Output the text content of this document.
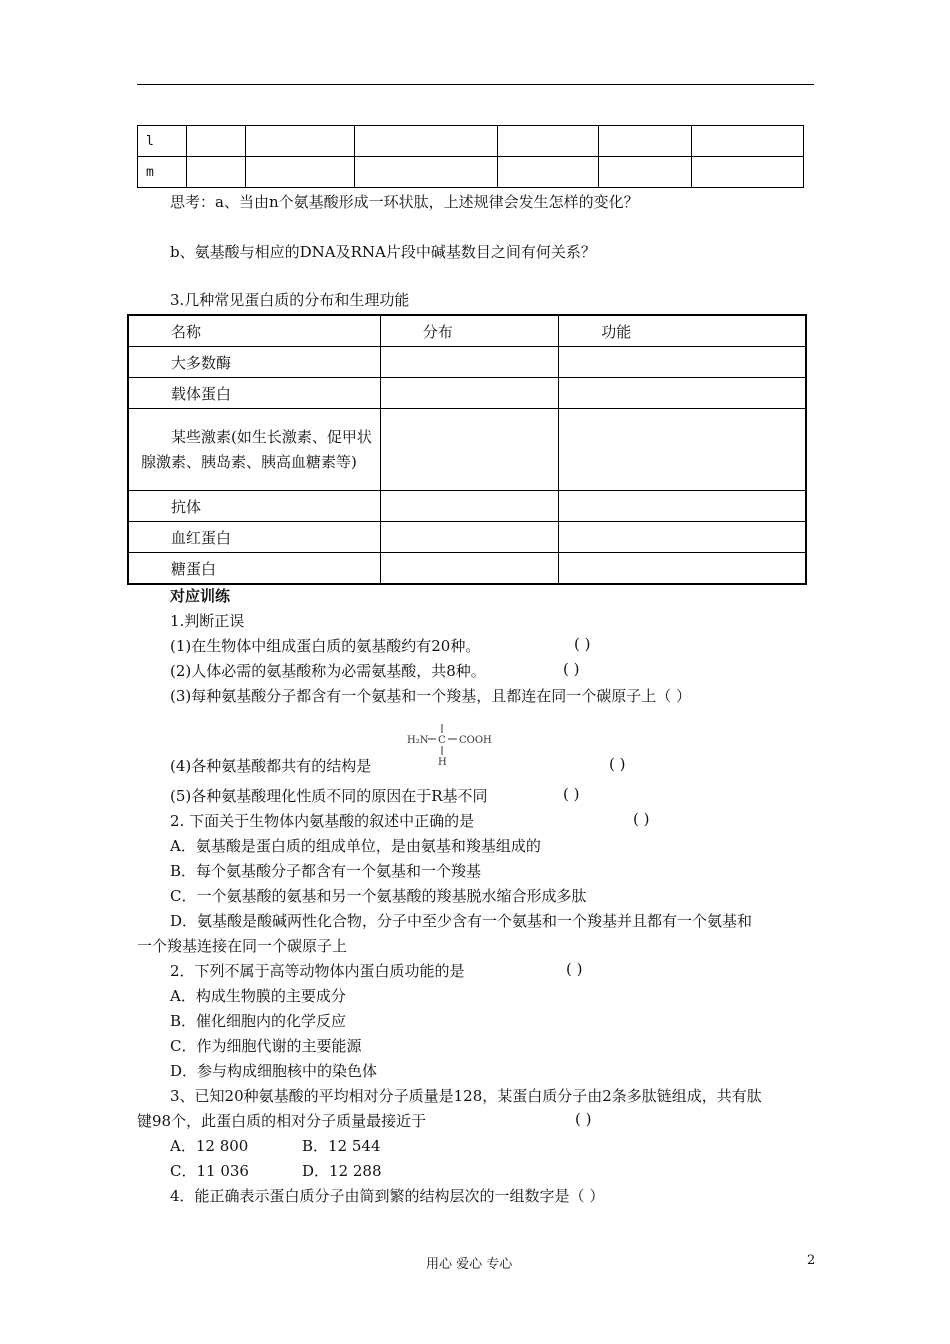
l						
m						
思考：a、当由n个氨基酸形成一环状肽，上述规律会发生怎样的变化？
b、氨基酸与相应的DNA及RNA片段中碱基数目之间有何关系？
3.几种常见蛋白质的分布和生理功能
名称	分布	功能
大多数酶		
载体蛋白		
某些激素(如生长激素、促甲状腺激素、胰岛素、胰高血糖素等)		
抗体		
血红蛋白		
糖蛋白		
对应训练
1.判断正误
(1)在生物体中组成蛋白质的氨基酸约有20种。	( )
(2)人体必需的氨基酸称为必需氨基酸，共8种。	( )
(3)每种氨基酸分子都含有一个氨基和一个羧基，且都连在同一个碳原子上（ ）
H₂N C COOH
H
(4)各种氨基酸都共有的结构是	( )
(5)各种氨基酸理化性质不同的原因在于R基不同	( )
2. 下面关于生物体内氨基酸的叙述中正确的是	( )
A．氨基酸是蛋白质的组成单位，是由氨基和羧基组成的
B．每个氨基酸分子都含有一个氨基和一个羧基
C．一个氨基酸的氨基和另一个氨基酸的羧基脱水缩合形成多肽
D．氨基酸是酸碱两性化合物，分子中至少含有一个氨基和一个羧基并且都有一个氨基和
一个羧基连接在同一个碳原子上
2．下列不属于高等动物体内蛋白质功能的是	( )
A．构成生物膜的主要成分
B．催化细胞内的化学反应
C．作为细胞代谢的主要能源
D．参与构成细胞核中的染色体
3、已知20种氨基酸的平均相对分子质量是128，某蛋白质分子由2条多肽链组成，共有肽
键98个，此蛋白质的相对分子质量最接近于	( )
A．12 800	B．12 544
C．11 036	D．12 288
4．能正确表示蛋白质分子由简到繁的结构层次的一组数字是（ ）
用心 爱心 专心	2
